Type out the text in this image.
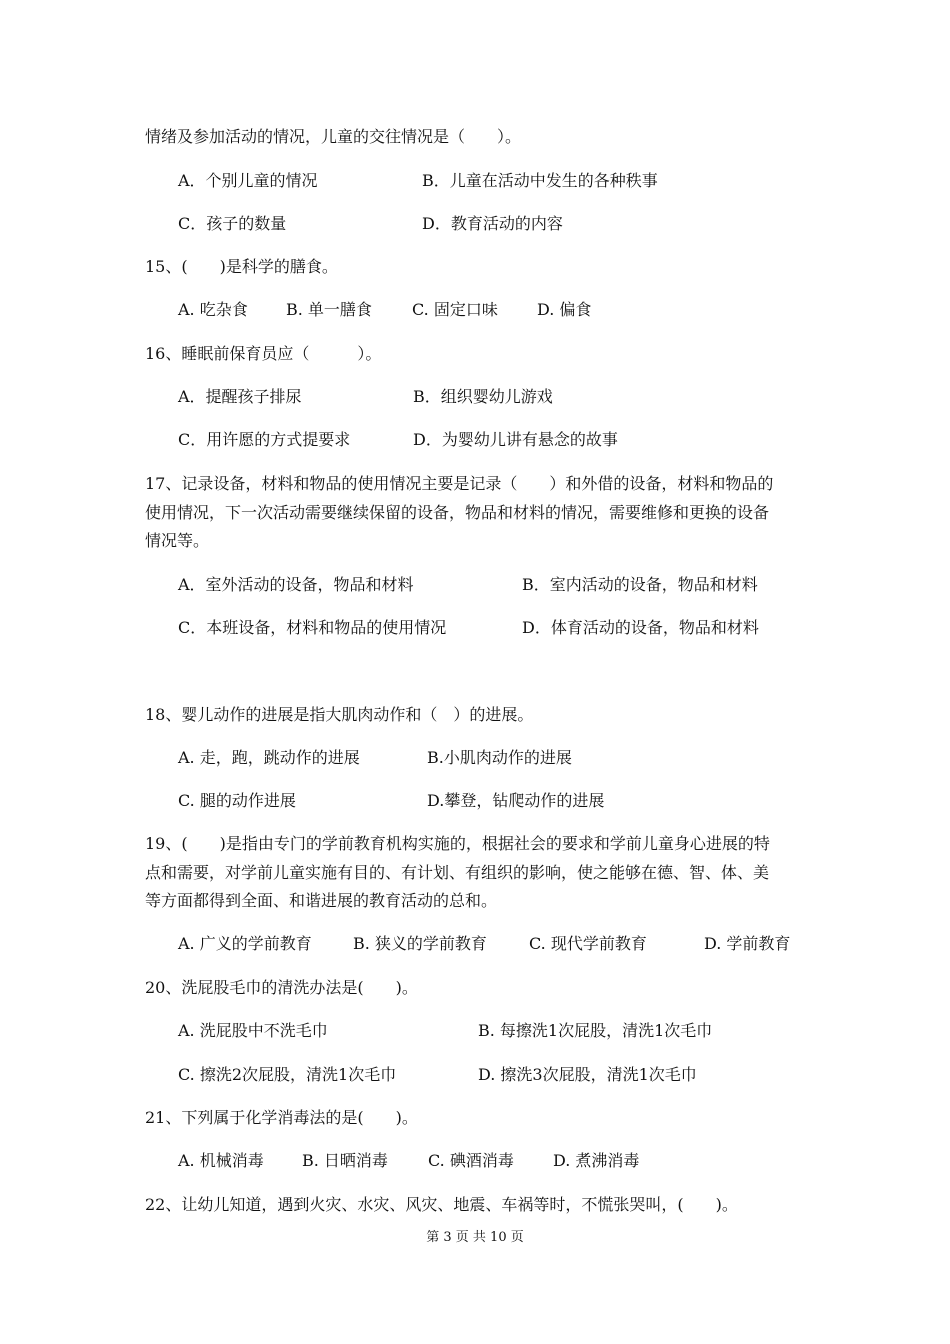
情绪及参加活动的情况，儿童的交往情况是（　　）。
A．个别儿童的情况	B．儿童在活动中发生的各种秩事
C．孩子的数量	D．教育活动的内容
15、(　　)是科学的膳食。
A. 吃杂食 B. 单一膳食	C. 固定口味 D. 偏食
16、睡眠前保育员应（　　　）。
A．提醒孩子排尿	B．组织婴幼儿游戏
C．用许愿的方式提要求	D．为婴幼儿讲有悬念的故事
17、记录设备，材料和物品的使用情况主要是记录（　　）和外借的设备，材料和物品的
使用情况，下一次活动需要继续保留的设备，物品和材料的情况，需要维修和更换的设备
情况等。
A．室外活动的设备，物品和材料	B．室内活动的设备，物品和材料
C．本班设备，材料和物品的使用情况	D．体育活动的设备，物品和材料
18、婴儿动作的进展是指大肌肉动作和（　）的进展。
A. 走，跑，跳动作的进展	B.小肌肉动作的进展
C. 腿的动作进展	D.攀登，钻爬动作的进展
19、(　　)是指由专门的学前教育机构实施的，根据社会的要求和学前儿童身心进展的特
点和需要，对学前儿童实施有目的、有计划、有组织的影响，使之能够在德、智、体、美
等方面都得到全面、和谐进展的教育活动的总和。
A. 广义的学前教育	B. 狭义的学前教育	C. 现代学前教育	D. 学前教育
20、洗屁股毛巾的清洗办法是(　　)。
A. 洗屁股中不洗毛巾	B. 每擦洗1次屁股，清洗1次毛巾
C. 擦洗2次屁股，清洗1次毛巾	D. 擦洗3次屁股，清洗1次毛巾
21、下列属于化学消毒法的是(　　)。
A. 机械消毒 B. 日晒消毒	C. 碘酒消毒 D. 煮沸消毒
22、让幼儿知道，遇到火灾、水灾、风灾、地震、车祸等时，不慌张哭叫，(　　)。
第 3 页 共 10 页
